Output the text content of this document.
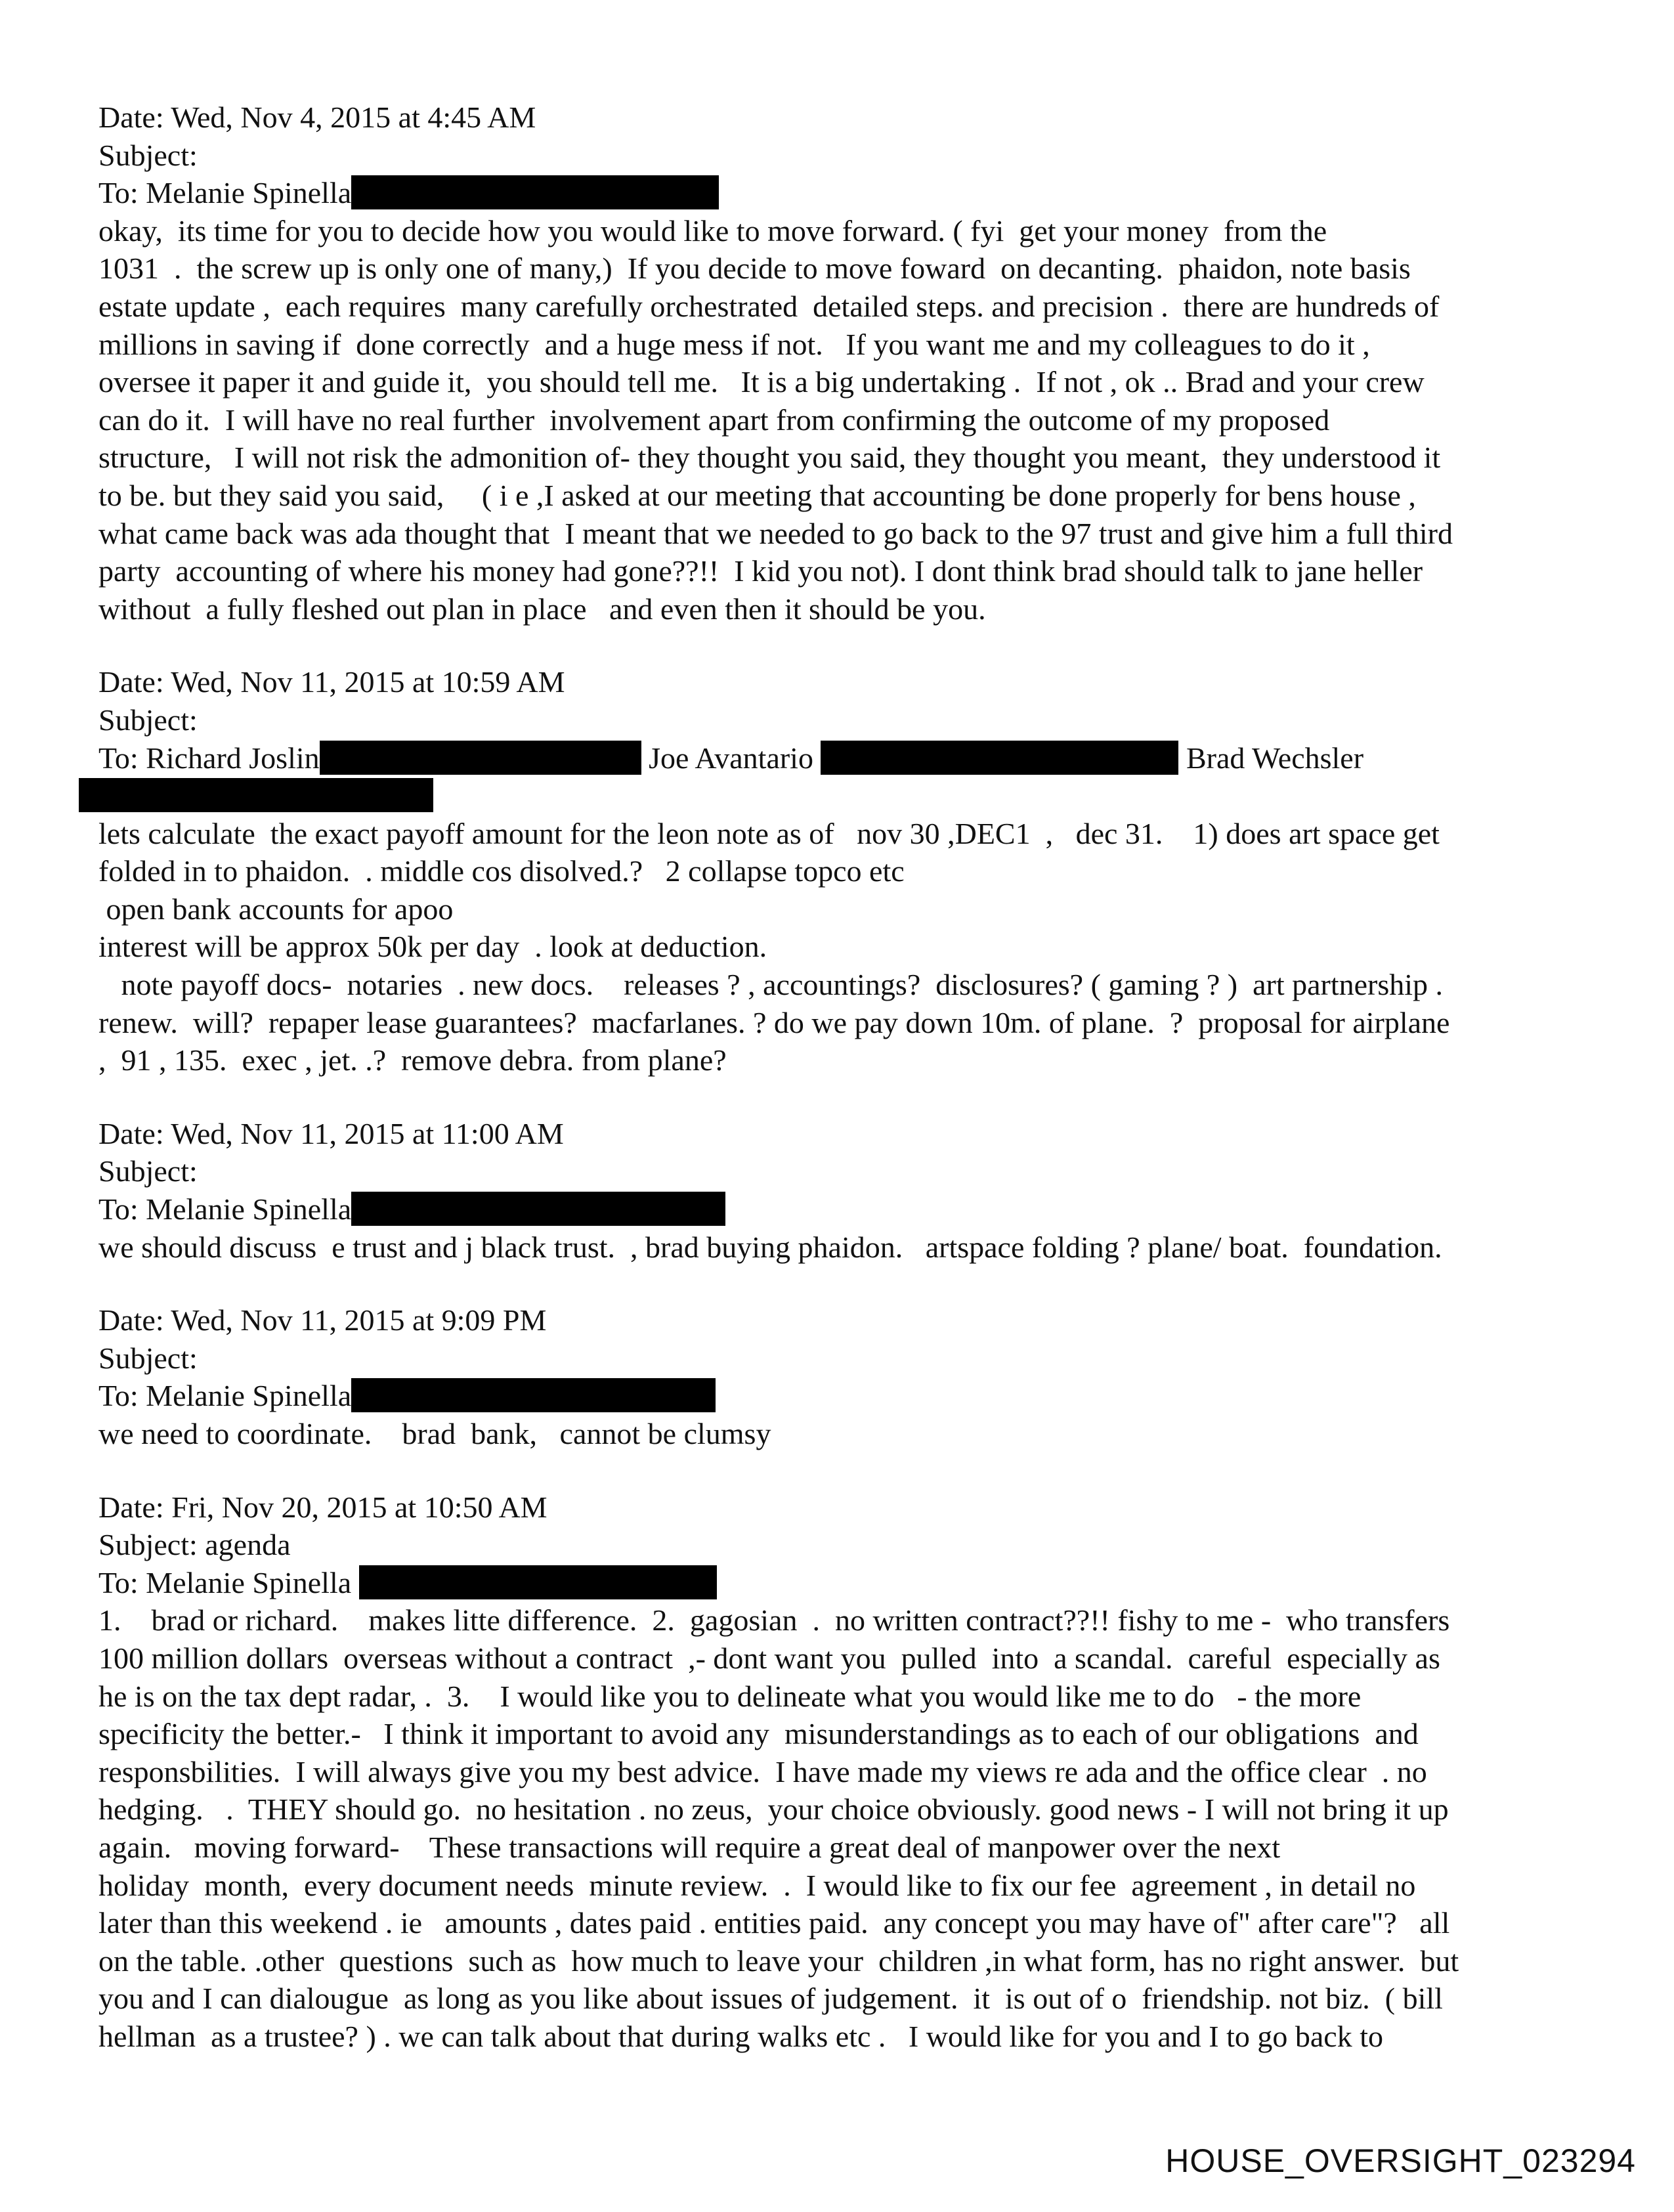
Date: Wed, Nov 4, 2015 at 4:45 AM
Subject:
To: Melanie Spinella
okay,  its time for you to decide how you would like to move forward. ( fyi  get your money  from the
1031  .  the screw up is only one of many,)  If you decide to move foward  on decanting.  phaidon, note basis
estate update ,  each requires  many carefully orchestrated  detailed steps. and precision .  there are hundreds of
millions in saving if  done correctly  and a huge mess if not.   If you want me and my colleagues to do it ,
oversee it paper it and guide it,  you should tell me.   It is a big undertaking .  If not , ok .. Brad and your crew
can do it.  I will have no real further  involvement apart from confirming the outcome of my proposed
structure,   I will not risk the admonition of- they thought you said, they thought you meant,  they understood it
to be. but they said you said,     ( i e ,I asked at our meeting that accounting be done properly for bens house ,
what came back was ada thought that  I meant that we needed to go back to the 97 trust and give him a full third
party  accounting of where his money had gone??!!  I kid you not). I dont think brad should talk to jane heller
without  a fully fleshed out plan in place   and even then it should be you.
Date: Wed, Nov 11, 2015 at 10:59 AM
Subject:
To: Richard Joslin	Joe Avantario	Brad Wechsler
lets calculate  the exact payoff amount for the leon note as of   nov 30 ,DEC1  ,   dec 31.    1) does art space get
folded in to phaidon.  . middle cos disolved.?   2 collapse topco etc
open bank accounts for apoo
interest will be approx 50k per day  . look at deduction.
note payoff docs-  notaries  . new docs.    releases ? , accountings?  disclosures? ( gaming ? )  art partnership .
renew.  will?  repaper lease guarantees?  macfarlanes. ? do we pay down 10m. of plane.  ?  proposal for airplane
,  91 , 135.  exec , jet. .?  remove debra. from plane?
Date: Wed, Nov 11, 2015 at 11:00 AM
Subject:
To: Melanie Spinella
we should discuss  e trust and j black trust.  , brad buying phaidon.   artspace folding ? plane/ boat.  foundation.
Date: Wed, Nov 11, 2015 at 9:09 PM
Subject:
To: Melanie Spinella
we need to coordinate.    brad  bank,   cannot be clumsy
Date: Fri, Nov 20, 2015 at 10:50 AM
Subject: agenda
To: Melanie Spinella
1.    brad or richard.    makes litte difference.  2.  gagosian  .  no written contract??!! fishy to me -  who transfers
100 million dollars  overseas without a contract  ,- dont want you  pulled  into  a scandal.  careful  especially as
he is on the tax dept radar, .  3.    I would like you to delineate what you would like me to do   - the more
specificity the better.-   I think it important to avoid any  misunderstandings as to each of our obligations  and
responsbilities.  I will always give you my best advice.  I have made my views re ada and the office clear  . no
hedging.   .  THEY should go.  no hesitation . no zeus,  your choice obviously. good news - I will not bring it up
again.   moving forward-    These transactions will require a great deal of manpower over the next
holiday  month,  every document needs  minute review.  .  I would like to fix our fee  agreement , in detail no
later than this weekend . ie   amounts , dates paid . entities paid.  any concept you may have of" after care"?   all
on the table. .other  questions  such as  how much to leave your  children ,in what form, has no right answer.  but
you and I can dialougue  as long as you like about issues of judgement.  it  is out of o  friendship. not biz.  ( bill
hellman  as a trustee? ) . we can talk about that during walks etc .   I would like for you and I to go back to
HOUSE_OVERSIGHT_023294
